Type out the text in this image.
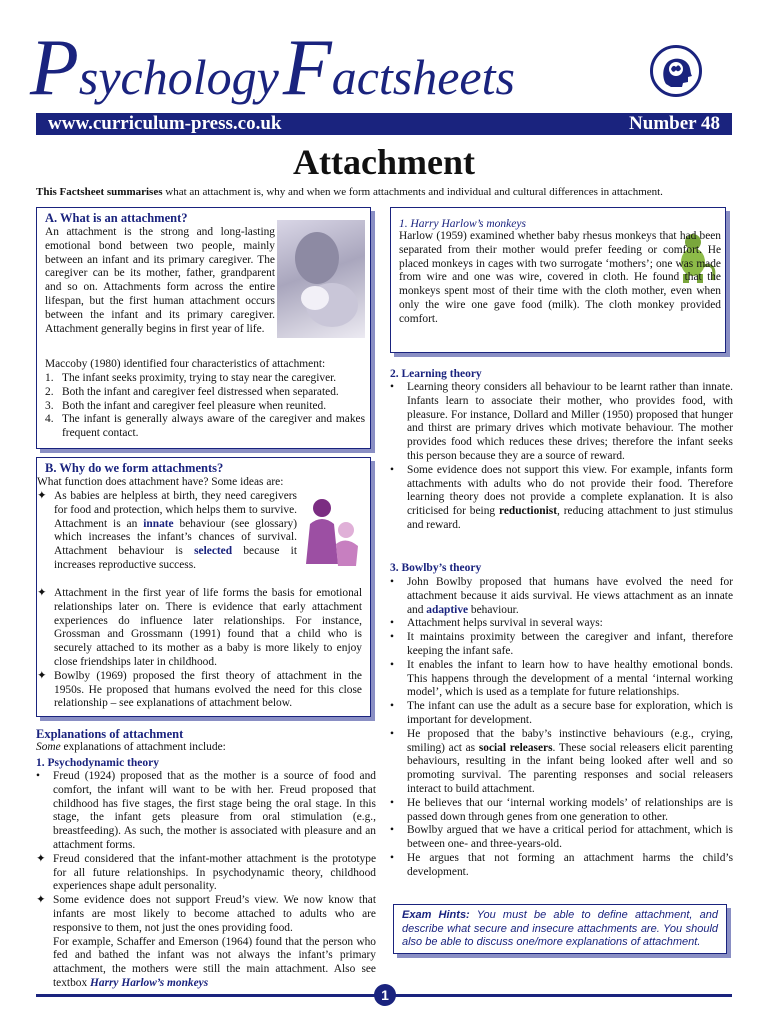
Psychology Factsheets
www.curriculum-press.co.uk	Number 48
Attachment
This Factsheet summarises what an attachment is, why and when we form attachments and individual and cultural differences in attachment.
A. What is an attachment?
An attachment is the strong and long-lasting emotional bond between two people, mainly between an infant and its primary caregiver. The caregiver can be its mother, father, grandparent and so on. Attachments form across the entire lifespan, but the first human attachment occurs between the infant and its primary caregiver. Attachment generally begins in first year of life.
Maccoby (1980) identified four characteristics of attachment:
1. The infant seeks proximity, trying to stay near the caregiver.
2. Both the infant and caregiver feel distressed when separated.
3. Both the infant and caregiver feel pleasure when reunited.
4. The infant is generally always aware of the caregiver and makes frequent contact.
B. Why do we form attachments?
What function does attachment have? Some ideas are:
✦ As babies are helpless at birth, they need caregivers for food and protection, which helps them to survive. Attachment is an innate behaviour (see glossary) which increases the infant’s chances of survival. Attachment behaviour is selected because it increases reproductive success.
✦ Attachment in the first year of life forms the basis for emotional relationships later on. There is evidence that early attachment experiences do influence later relationships. For instance, Grossman and Grossmann (1991) found that a child who is securely attached to its mother as a baby is more likely to enjoy close friendships later in childhood.
✦ Bowlby (1969) proposed the first theory of attachment in the 1950s. He proposed that humans evolved the need for this close relationship – see explanations of attachment below.
Explanations of attachment
Some explanations of attachment include:
1. Psychodynamic theory
• Freud (1924) proposed that as the mother is a source of food and comfort, the infant will want to be with her. Freud proposed that childhood has five stages, the first stage being the oral stage. In this stage, the infant gets pleasure from oral stimulation (e.g., breastfeeding). As such, the mother is associated with pleasure and an attachment forms.
✦ Freud considered that the infant-mother attachment is the prototype for all future relationships. In psychodynamic theory, childhood experiences shape adult personality.
✦ Some evidence does not support Freud’s view. We now know that infants are most likely to become attached to adults who are responsive to them, not just the ones providing food.
For example, Schaffer and Emerson (1964) found that the person who fed and bathed the infant was not always the infant’s primary attachment, the mothers were still the main attachment. Also see textbox Harry Harlow’s monkeys
1. Harry Harlow’s monkeys
Harlow (1959) examined whether baby rhesus monkeys that had been separated from their mother would prefer feeding or comfort. He placed monkeys in cages with two surrogate ‘mothers’; one was made from wire and one was wire, covered in cloth. He found that the monkeys spent most of their time with the cloth mother, even when only the wire one gave food (milk). The cloth monkey provided comfort.
2. Learning theory
• Learning theory considers all behaviour to be learnt rather than innate. Infants learn to associate their mother, who provides food, with pleasure. For instance, Dollard and Miller (1950) proposed that hunger and thirst are primary drives which motivate behaviour. The mother provides food which reduces these drives; therefore the infant seeks this person because they are a source of reward.
• Some evidence does not support this view. For example, infants form attachments with adults who do not provide their food. Therefore learning theory does not provide a complete explanation. It is also criticised for being reductionist, reducing attachment to just stimulus and reward.
3. Bowlby’s theory
• John Bowlby proposed that humans have evolved the need for attachment because it aids survival. He views attachment as an innate and adaptive behaviour.
• Attachment helps survival in several ways:
• It maintains proximity between the caregiver and infant, therefore keeping the infant safe.
• It enables the infant to learn how to have healthy emotional bonds. This happens through the development of a mental ‘internal working model’, which is used as a template for future relationships.
• The infant can use the adult as a secure base for exploration, which is important for development.
• He proposed that the baby’s instinctive behaviours (e.g., crying, smiling) act as social releasers. These social releasers elicit parenting behaviours, resulting in the infant being looked after well and so promoting survival. The parenting responses and social releasers interact to build attachment.
• He believes that our ‘internal working models’ of relationships are is passed down through genes from one generation to other.
• Bowlby argued that we have a critical period for attachment, which is between one- and three-years-old.
• He argues that not forming an attachment harms the child’s development.
Exam Hints: You must be able to define attachment, and describe what secure and insecure attachments are. You should also be able to discuss one/more explanations of attachment.
1
